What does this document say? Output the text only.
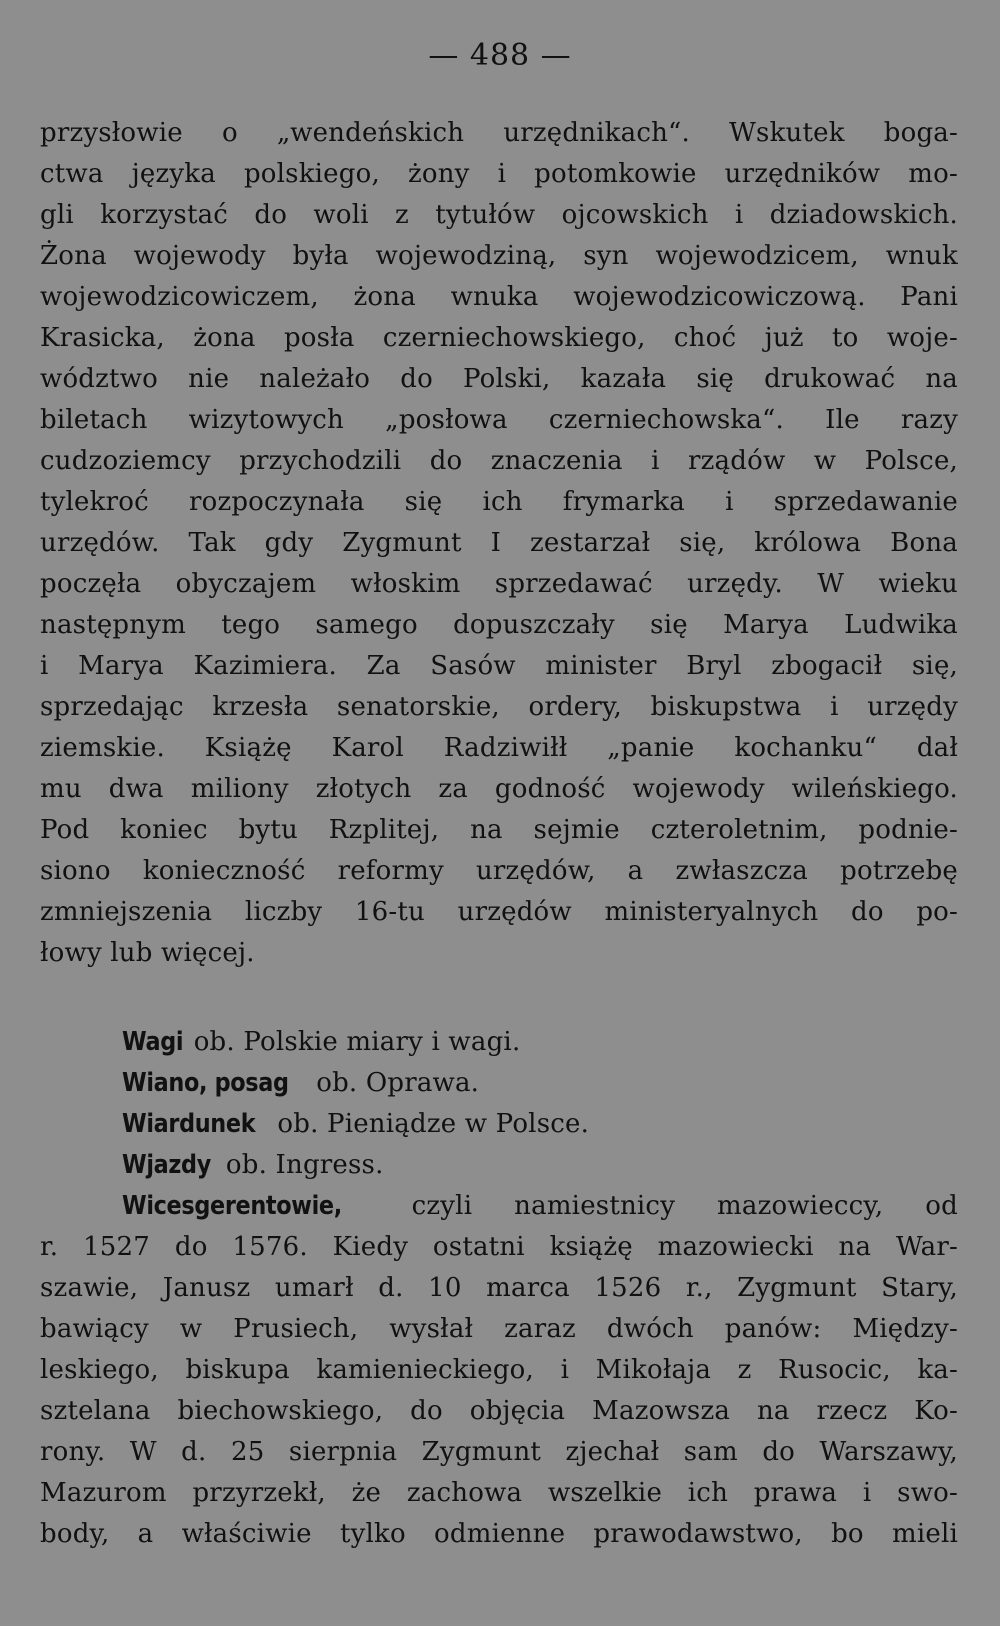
— 488 —
przysłowie o „wendeńskich urzędnikach“. Wskutek boga-
ctwa języka polskiego, żony i potomkowie urzędników mo-
gli korzystać do woli z tytułów ojcowskich i dziadowskich.
Żona wojewody była wojewodziną, syn wojewodzicem, wnuk
wojewodzicowiczem, żona wnuka wojewodzicowiczową. Pani
Krasicka, żona posła czerniechowskiego, choć już to woje-
wództwo nie należało do Polski, kazała się drukować na
biletach wizytowych „posłowa czerniechowska“. Ile razy
cudzoziemcy przychodzili do znaczenia i rządów w Polsce,
tylekroć rozpoczynała się ich frymarka i sprzedawanie
urzędów. Tak gdy Zygmunt I zestarzał się, królowa Bona
poczęła obyczajem włoskim sprzedawać urzędy. W wieku
następnym tego samego dopuszczały się Marya Ludwika
i Marya Kazimiera. Za Sasów minister Bryl zbogacił się,
sprzedając krzesła senatorskie, ordery, biskupstwa i urzędy
ziemskie. Książę Karol Radziwiłł „panie kochanku“ dał
mu dwa miliony złotych za godność wojewody wileńskiego.
Pod koniec bytu Rzplitej, na sejmie czteroletnim, podnie-
siono konieczność reformy urzędów, a zwłaszcza potrzebę
zmniejszenia liczby 16-tu urzędów ministeryalnych do po-
łowy lub więcej.
Wagi ob. Polskie miary i wagi.
Wiano, posag ob. Oprawa.
Wiardunek ob. Pieniądze w Polsce.
Wjazdy ob. Ingress.
Wicesgerentowie, czyli namiestnicy mazowieccy, od
r. 1527 do 1576. Kiedy ostatni książę mazowiecki na War-
szawie, Janusz umarł d. 10 marca 1526 r., Zygmunt Stary,
bawiący w Prusiech, wysłał zaraz dwóch panów: Między-
leskiego, biskupa kamienieckiego, i Mikołaja z Rusocic, ka-
sztelana biechowskiego, do objęcia Mazowsza na rzecz Ko-
rony. W d. 25 sierpnia Zygmunt zjechał sam do Warszawy,
Mazurom przyrzekł, że zachowa wszelkie ich prawa i swo-
body, a właściwie tylko odmienne prawodawstwo, bo mieli
